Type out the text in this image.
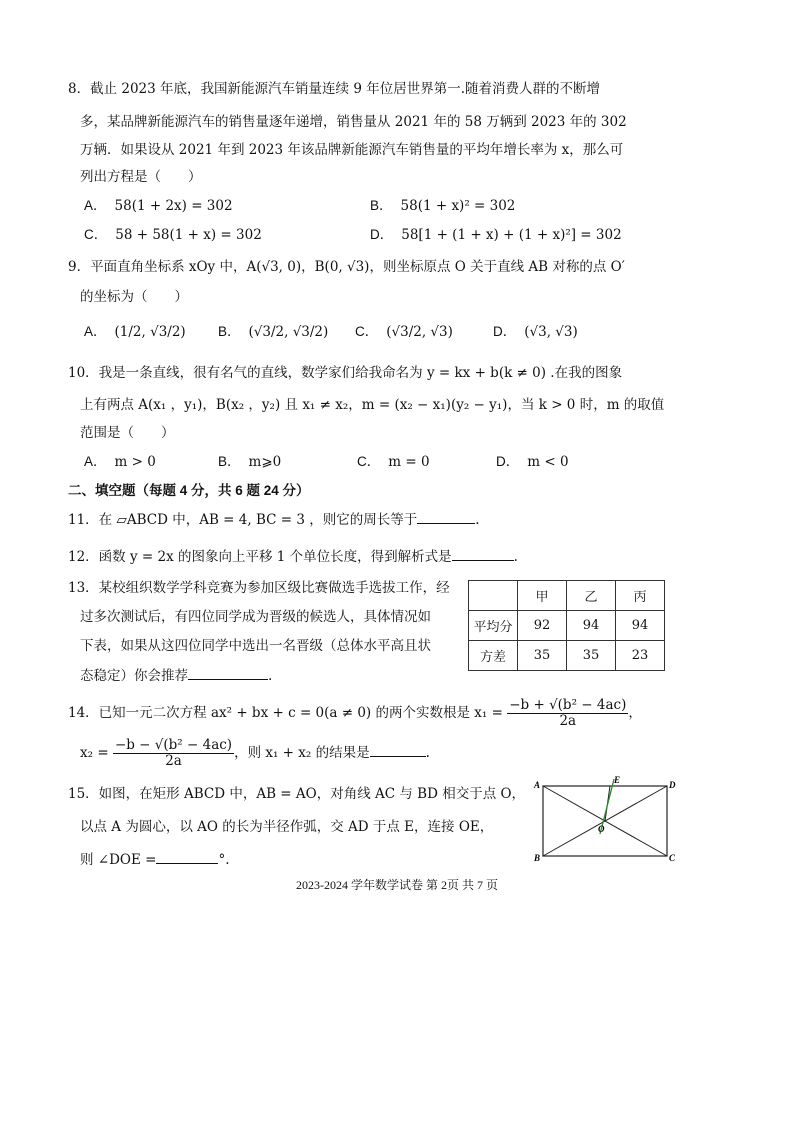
8．截止 2023 年底，我国新能源汽车销量连续 9 年位居世界第一.随着消费人群的不断增
多，某品牌新能源汽车的销售量逐年递增，销售量从 2021 年的 58 万辆到 2023 年的 302
万辆．如果设从 2021 年到 2023 年该品牌新能源汽车销售量的平均年增长率为 x，那么可
列出方程是（　　）
A． 58(1 + 2x) = 302	B． 58(1 + x)² = 302
C． 58 + 58(1 + x) = 302	D． 58[1 + (1 + x) + (1 + x)²] = 302
9．平面直角坐标系 xOy 中，A(√3, 0)，B(0, √3)，则坐标原点 O 关于直线 AB 对称的点 O′
的坐标为（　　）
A． (1/2, √3/2) B． (√3/2, √3/2) C． (√3/2, √3)	D． (√3, √3)
10．我是一条直线，很有名气的直线，数学家们给我命名为 y = kx + b(k ≠ 0) .在我的图象
上有两点 A(x₁ ，y₁)，B(x₂ ，y₂) 且 x₁ ≠ x₂，m = (x₂ − x₁)(y₂ − y₁)，当 k > 0 时，m 的取值
范围是（　　）
A． m > 0	B． m⩾0	C． m = 0	D． m < 0
二、填空题（每题 4 分，共 6 题 24 分）
11．在 ▱ABCD 中，AB = 4, BC = 3 ，则它的周长等于	.
12．函数 y = 2x 的图象向上平移 1 个单位长度，得到解析式是	.
13．某校组织数学学科竞赛为参加区级比赛做选手选拔工作，经
过多次测试后，有四位同学成为晋级的候选人，具体情况如
下表，如果从这四位同学中选出一名晋级（总体水平高且状
态稳定）你会推荐	.
	甲	乙	丙
平均分	92	94	94
方差	35	35	23
14．已知一元二次方程 ax² + bx + c = 0(a ≠ 0) 的两个实数根是 $x_1 = \frac{\text{−b + √(b² − 4ac)}}{2a}$ ，
$x_2 = \frac{\text{−b − √(b² − 4ac)}}{2a}$ ，则 x₁ + x₂ 的结果是	.
15．如图，在矩形 ABCD 中，AB = AO，对角线 AC 与 BD 相交于点 O，
以点 A 为圆心，以 AO 的长为半径作弧，交 AD 于点 E，连接 OE，
则 ∠DOE =	°.
A
B	C
D
E
O
2023-2024 学年数学试卷 第 2页 共 7 页
